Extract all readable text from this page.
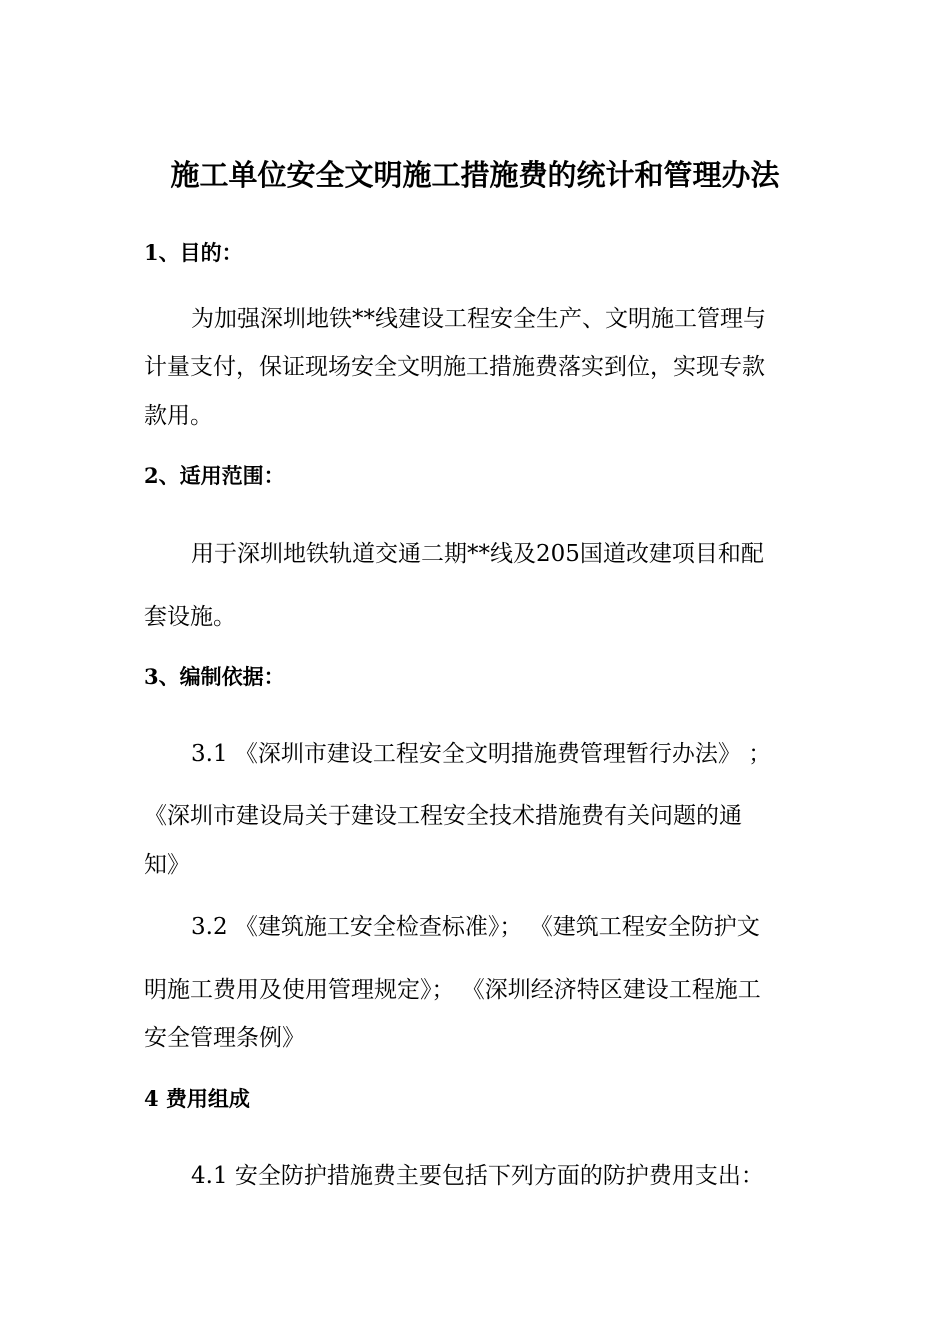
施工单位安全文明施工措施费的统计和管理办法
1、目的：
为加强深圳地铁**线建设工程安全生产、文明施工管理与
计量支付，保证现场安全文明施工措施费落实到位，实现专款
款用。
2、适用范围：
用于深圳地铁轨道交通二期**线及205国道改建项目和配
套设施。
3、编制依据：
3.1 《深圳市建设工程安全文明措施费管理暂行办法》 ；
《深圳市建设局关于建设工程安全技术措施费有关问题的通
知》
3.2 《建筑施工安全检查标准》； 《建筑工程安全防护文
明施工费用及使用管理规定》； 《深圳经济特区建设工程施工
安全管理条例》
4 费用组成
4.1 安全防护措施费主要包括下列方面的防护费用支出：
